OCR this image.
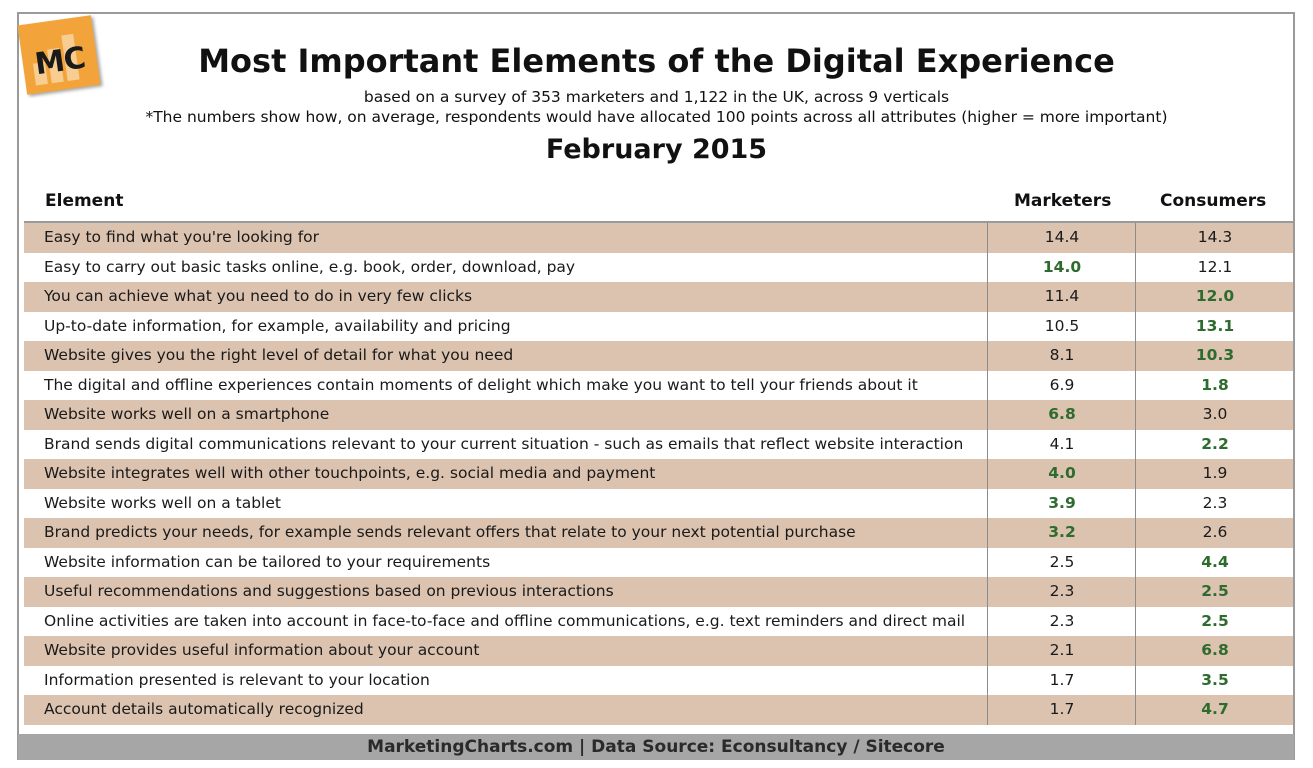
MC	Most Important Elements of the Digital Experience
based on a survey of 353 marketers and 1,122 in the UK, across 9 verticals
*The numbers show how, on average, respondents would have allocated 100 points across all attributes (higher = more important)
February 2015
Element	Marketers	Consumers
Easy to find what you're looking for	14.4	14.3
Easy to carry out basic tasks online, e.g. book, order, download, pay	14.0	12.1
You can achieve what you need to do in very few clicks	11.4	12.0
Up-to-date information, for example, availability and pricing	10.5	13.1
Website gives you the right level of detail for what you need	8.1	10.3
The digital and offline experiences contain moments of delight which make you want to tell your friends about it	6.9	1.8
Website works well on a smartphone	6.8	3.0
Brand sends digital communications relevant to your current situation - such as emails that reflect website interaction	4.1	2.2
Website integrates well with other touchpoints, e.g. social media and payment	4.0	1.9
Website works well on a tablet	3.9	2.3
Brand predicts your needs, for example sends relevant offers that relate to your next potential purchase	3.2	2.6
Website information can be tailored to your requirements	2.5	4.4
Useful recommendations and suggestions based on previous interactions	2.3	2.5
Online activities are taken into account in face-to-face and offline communications, e.g. text reminders and direct mail	2.3	2.5
Website provides useful information about your account	2.1	6.8
Information presented is relevant to your location	1.7	3.5
Account details automatically recognized	1.7	4.7
MarketingCharts.com | Data Source: Econsultancy / Sitecore
